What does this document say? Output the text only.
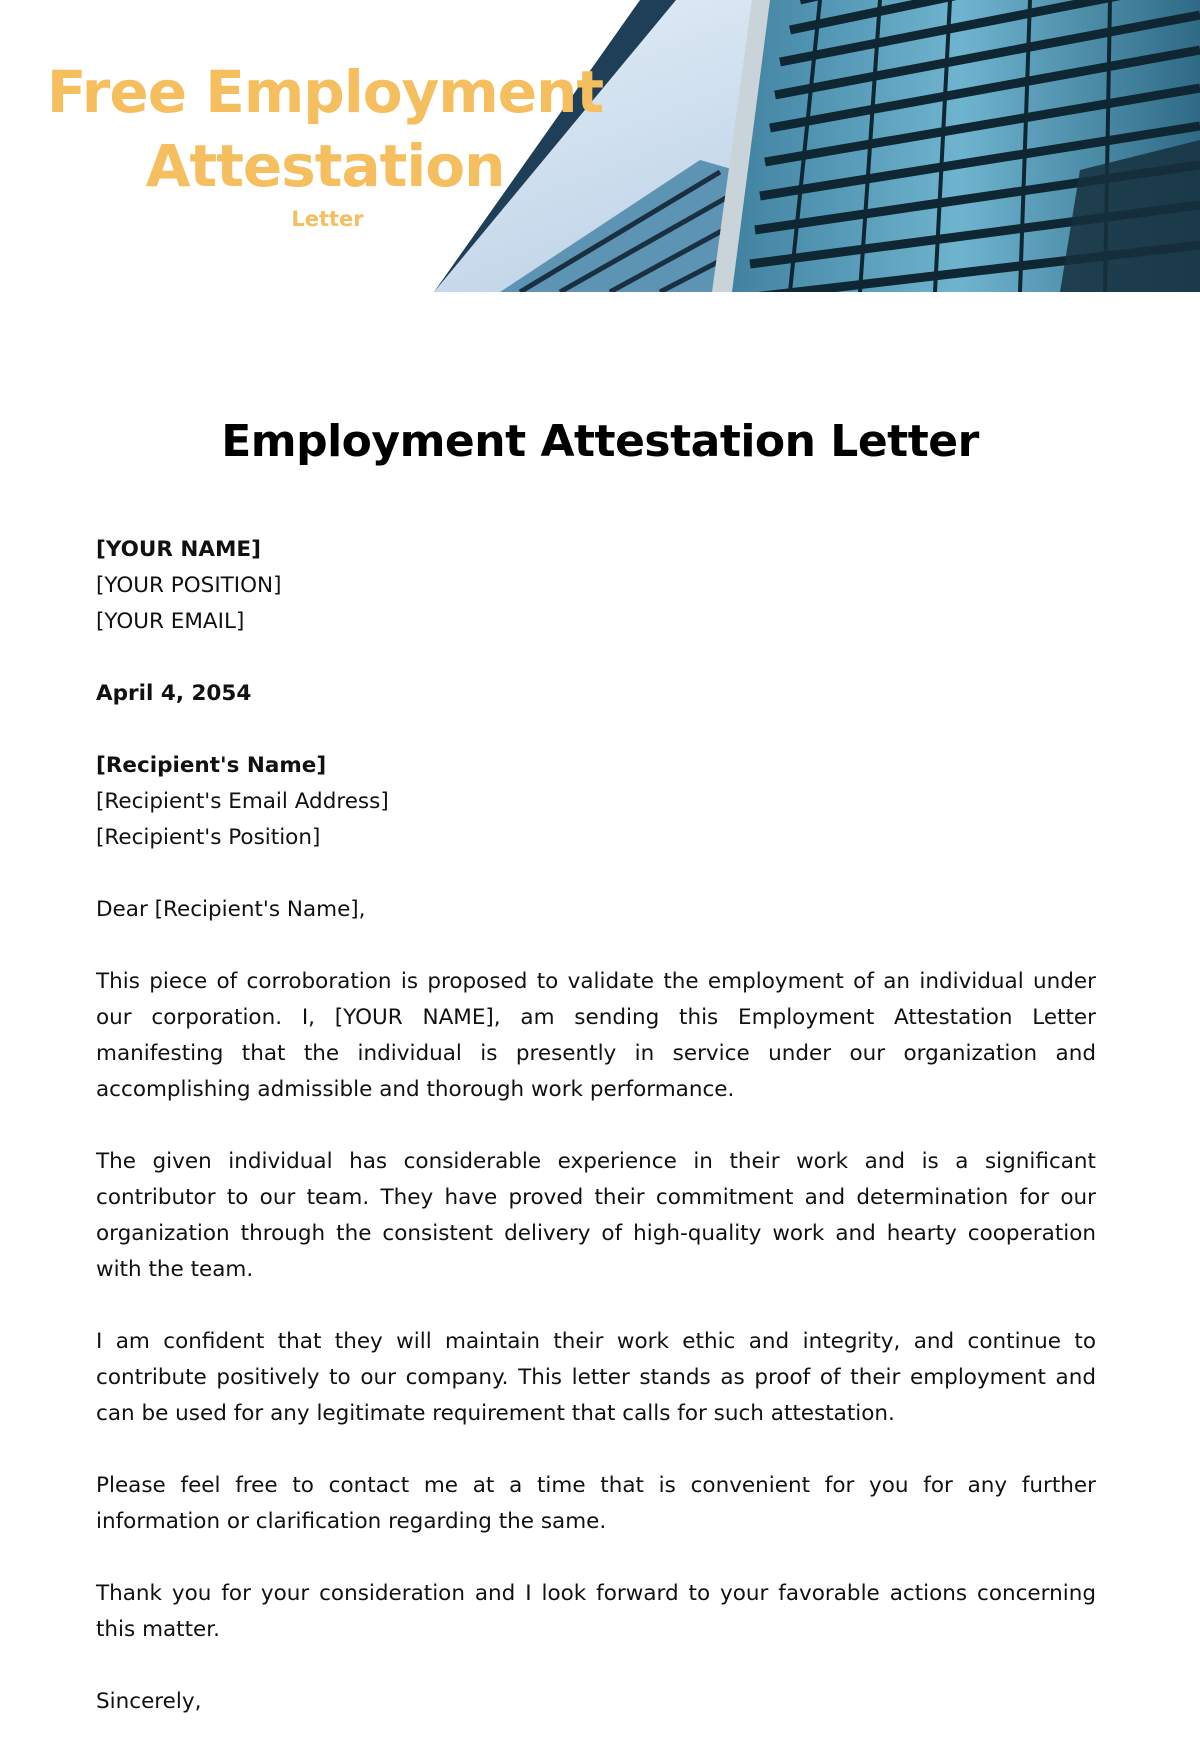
Free Employment
Attestation
Letter
Employment Attestation Letter

[YOUR NAME]
[YOUR POSITION]
[YOUR EMAIL]

April 4, 2054

[Recipient's Name]
[Recipient's Email Address]
[Recipient's Position]

Dear [Recipient's Name],

This piece of corroboration is proposed to validate the employment of an individual under our corporation. I, [YOUR NAME], am sending this Employment Attestation Letter manifesting that the individual is presently in service under our organization and accomplishing admissible and thorough work performance.

The given individual has considerable experience in their work and is a significant contributor to our team. They have proved their commitment and determination for our organization through the consistent delivery of high-quality work and hearty cooperation with the team.

I am confident that they will maintain their work ethic and integrity, and continue to contribute positively to our company. This letter stands as proof of their employment and can be used for any legitimate requirement that calls for such attestation.

Please feel free to contact me at a time that is convenient for you for any further information or clarification regarding the same.

Thank you for your consideration and I look forward to your favorable actions concerning this matter.

Sincerely,
